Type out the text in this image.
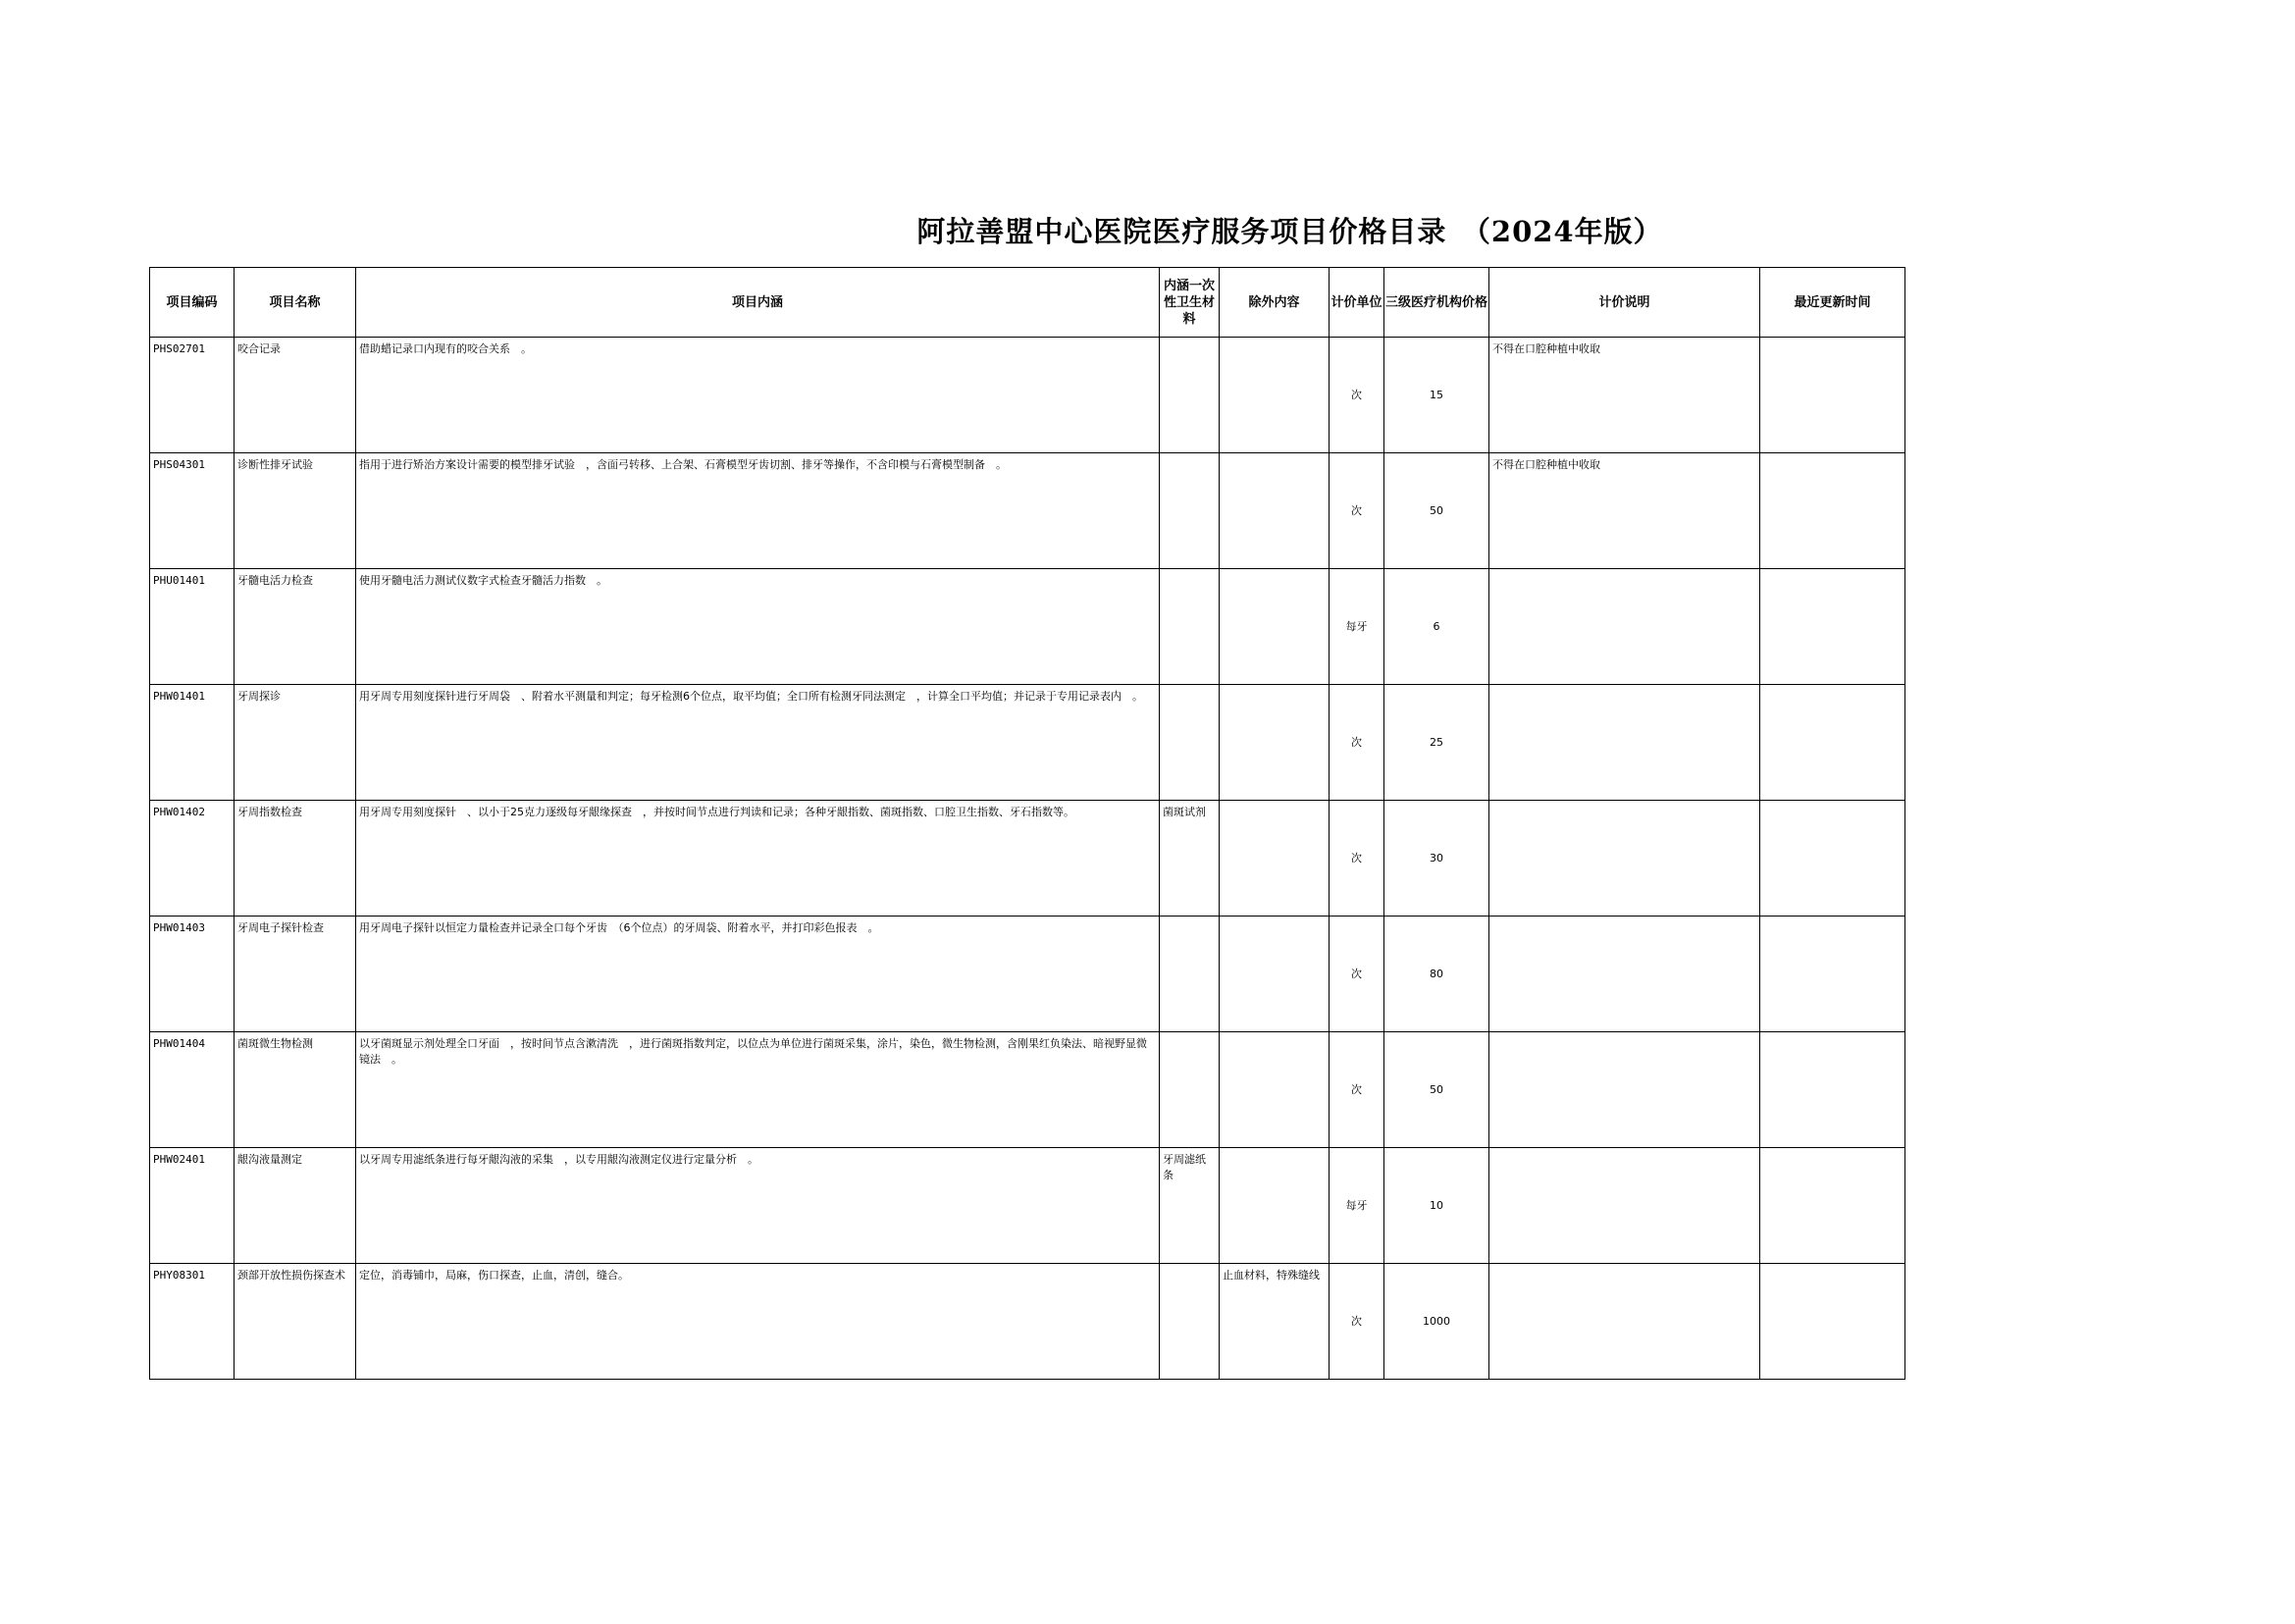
阿拉善盟中心医院医疗服务项目价格目录　（2024年版）
项目编码	项目名称	项目内涵	内涵一次性卫生材料	除外内容	计价单位	三级医疗机构价格	计价说明	最近更新时间
PHS02701	咬合记录	借助蜡记录口内现有的咬合关系　。			次	15	不得在口腔种植中收取	
PHS04301	诊断性排牙试验	指用于进行矫治方案设计需要的模型排牙试验　，含面弓转移、上合架、石膏模型牙齿切割、排牙等操作，不含印模与石膏模型制备　。			次	50	不得在口腔种植中收取	
PHU01401	牙髓电活力检查	使用牙髓电活力测试仪数字式检查牙髓活力指数　。			每牙	6		
PHW01401	牙周探诊	用牙周专用刻度探针进行牙周袋　、附着水平测量和判定；每牙检测6个位点，取平均值；全口所有检测牙同法测定　，计算全口平均值；并记录于专用记录表内　。			次	25		
PHW01402	牙周指数检查	用牙周专用刻度探针　、以小于25克力逐级每牙龈缘探查　，并按时间节点进行判读和记录；各种牙龈指数、菌斑指数、口腔卫生指数、牙石指数等。	菌斑试剂		次	30		
PHW01403	牙周电子探针检查	用牙周电子探针以恒定力量检查并记录全口每个牙齿　（6个位点）的牙周袋、附着水平，并打印彩色报表　。			次	80		
PHW01404	菌斑微生物检测	以牙菌斑显示剂处理全口牙面　，按时间节点含漱清洗　，进行菌斑指数判定，以位点为单位进行菌斑采集，涂片，染色，微生物检测，含刚果红负染法、暗视野显微镜法　。			次	50		
PHW02401	龈沟液量测定	以牙周专用滤纸条进行每牙龈沟液的采集　，以专用龈沟液测定仪进行定量分析　。	牙周滤纸条		每牙	10		
PHY08301	颈部开放性损伤探查术	定位，消毒铺巾，局麻，伤口探查，止血，清创，缝合。		止血材料，特殊缝线	次	1000		
